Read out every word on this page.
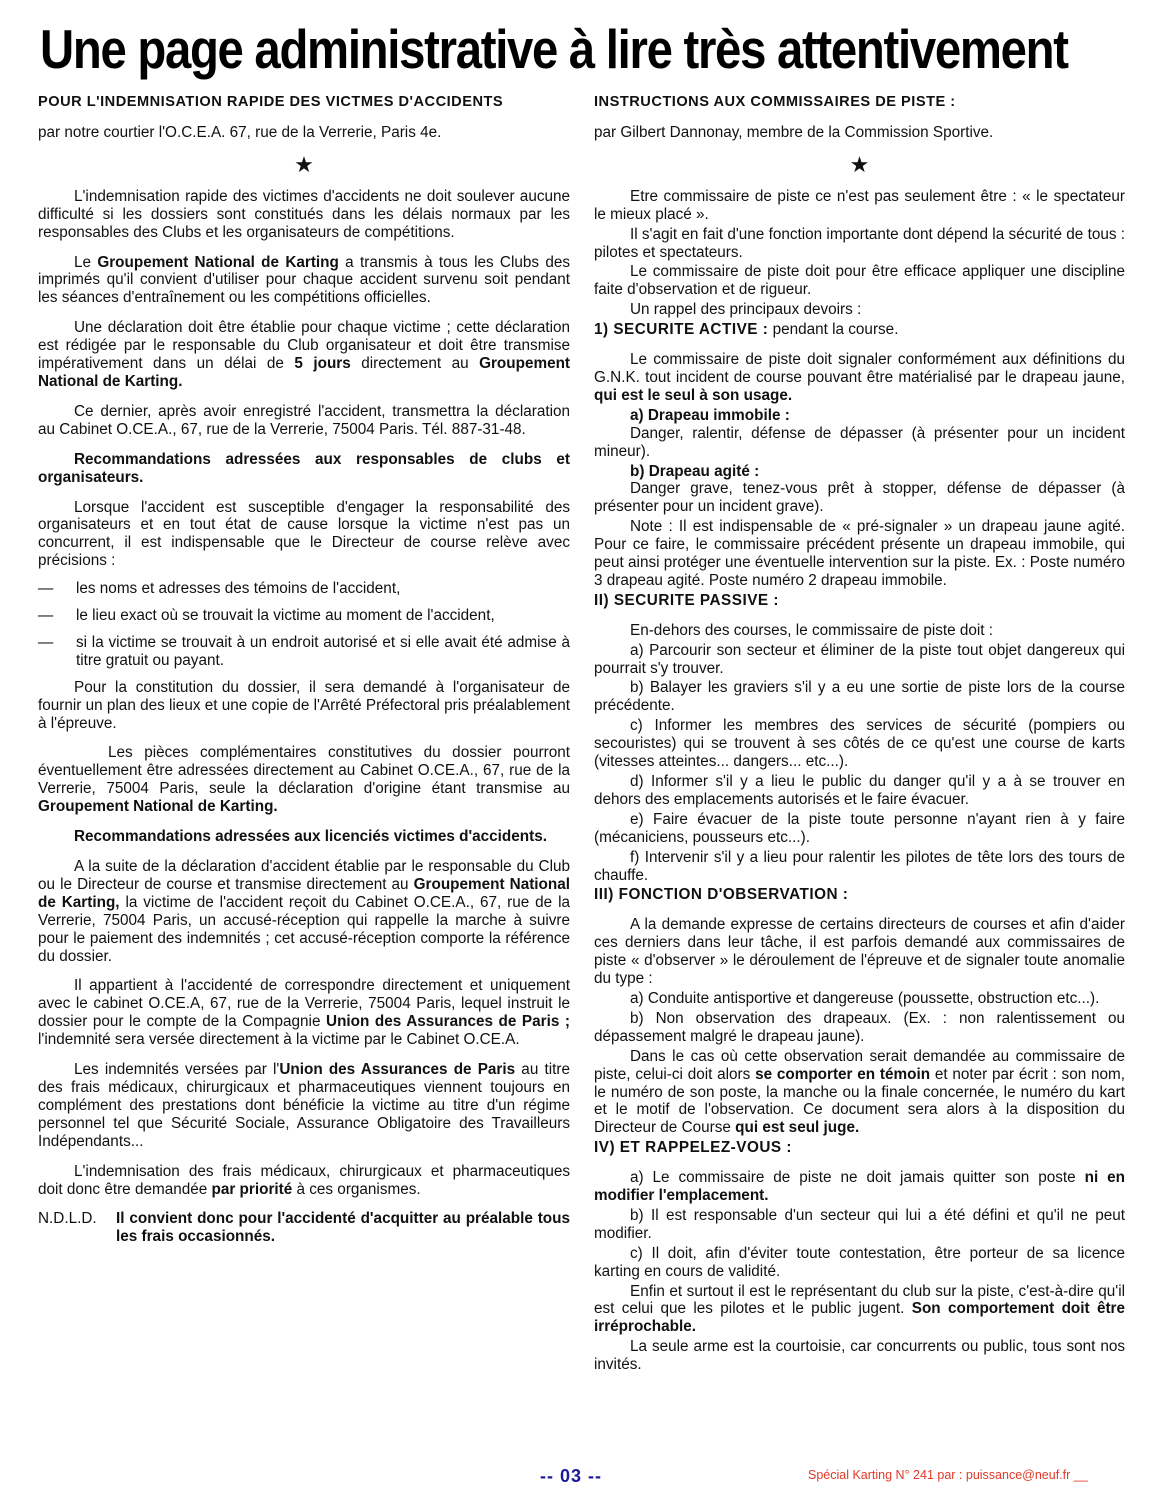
Une page administrative à lire très attentivement

POUR L'INDEMNISATION RAPIDE DES VICTMES D'ACCIDENTS

par notre courtier l'O.C.E.A. 67, rue de la Verrerie, Paris 4e.

★

L'indemnisation rapide des victimes d'accidents ne doit soulever aucune difficulté si les dossiers sont constitués dans les délais normaux par les responsables des Clubs et les organisateurs de compétitions.

Le Groupement National de Karting a transmis à tous les Clubs des imprimés qu'il convient d'utiliser pour chaque accident survenu soit pendant les séances d'entraînement ou les compétitions officielles.

Une déclaration doit être établie pour chaque victime ; cette déclaration est rédigée par le responsable du Club organisateur et doit être transmise impérativement dans un délai de 5 jours directement au Groupement National de Karting.

Ce dernier, après avoir enregistré l'accident, transmettra la déclaration au Cabinet O.CE.A., 67, rue de la Verrerie, 75004 Paris. Tél. 887-31-48.

Recommandations adressées aux responsables de clubs et organisateurs.

Lorsque l'accident est susceptible d'engager la responsabilité des organisateurs et en tout état de cause lorsque la victime n'est pas un concurrent, il est indispensable que le Directeur de course relève avec précisions :

—	les noms et adresses des témoins de l'accident,
—	le lieu exact où se trouvait la victime au moment de l'accident,
—	si la victime se trouvait à un endroit autorisé et si elle avait été admise à titre gratuit ou payant.

Pour la constitution du dossier, il sera demandé à l'organisateur de fournir un plan des lieux et une copie de l'Arrêté Préfectoral pris préalablement à l'épreuve.

Les pièces complémentaires constitutives du dossier pourront éventuellement être adressées directement au Cabinet O.CE.A., 67, rue de la Verrerie, 75004 Paris, seule la déclaration d'origine étant transmise au Groupement National de Karting.

Recommandations adressées aux licenciés victimes d'accidents.

A la suite de la déclaration d'accident établie par le responsable du Club ou le Directeur de course et transmise directement au Groupement National de Karting, la victime de l'accident reçoit du Cabinet O.CE.A., 67, rue de la Verrerie, 75004 Paris, un accusé-réception qui rappelle la marche à suivre pour le paiement des indemnités ; cet accusé-réception comporte la référence du dossier.

Il appartient à l'accidenté de correspondre directement et uniquement avec le cabinet O.CE.A, 67, rue de la Verrerie, 75004 Paris, lequel instruit le dossier pour le compte de la Compagnie Union des Assurances de Paris ; l'indemnité sera versée directement à la victime par le Cabinet O.CE.A.

Les indemnités versées par l'Union des Assurances de Paris au titre des frais médicaux, chirurgicaux et pharmaceutiques viennent toujours en complément des prestations dont bénéficie la victime au titre d'un régime personnel tel que Sécurité Sociale, Assurance Obligatoire des Travailleurs Indépendants...

L'indemnisation des frais médicaux, chirurgicaux et pharmaceutiques doit donc être demandée par priorité à ces organismes.

N.D.L.D.	Il convient donc pour l'accidenté d'acquitter au préalable tous les frais occasionnés.

INSTRUCTIONS AUX COMMISSAIRES DE PISTE :

par Gilbert Dannonay, membre de la Commission Sportive.

★

Etre commissaire de piste ce n'est pas seulement être : « le spectateur le mieux placé ».

Il s'agit en fait d'une fonction importante dont dépend la sécurité de tous : pilotes et spectateurs.

Le commissaire de piste doit pour être efficace appliquer une discipline faite d'observation et de rigueur.

Un rappel des principaux devoirs :

1) SECURITE ACTIVE : pendant la course.

Le commissaire de piste doit signaler conformément aux définitions du G.N.K. tout incident de course pouvant être matérialisé par le drapeau jaune, qui est le seul à son usage.

a) Drapeau immobile :

Danger, ralentir, défense de dépasser (à présenter pour un incident mineur).

b) Drapeau agité :

Danger grave, tenez-vous prêt à stopper, défense de dépasser (à présenter pour un incident grave).

Note : Il est indispensable de « pré-signaler » un drapeau jaune agité. Pour ce faire, le commissaire précédent présente un drapeau immobile, qui peut ainsi protéger une éventuelle intervention sur la piste. Ex. : Poste numéro 3 drapeau agité. Poste numéro 2 drapeau immobile.

II) SECURITE PASSIVE :

En-dehors des courses, le commissaire de piste doit :

a) Parcourir son secteur et éliminer de la piste tout objet dangereux qui pourrait s'y trouver.

b) Balayer les graviers s'il y a eu une sortie de piste lors de la course précédente.

c) Informer les membres des services de sécurité (pompiers ou secouristes) qui se trouvent à ses côtés de ce qu'est une course de karts (vitesses atteintes... dangers... etc...).

d) Informer s'il y a lieu le public du danger qu'il y a à se trouver en dehors des emplacements autorisés et le faire évacuer.

e) Faire évacuer de la piste toute personne n'ayant rien à y faire (mécaniciens, pousseurs etc...).

f) Intervenir s'il y a lieu pour ralentir les pilotes de tête lors des tours de chauffe.

III) FONCTION D'OBSERVATION :

A la demande expresse de certains directeurs de courses et afin d'aider ces derniers dans leur tâche, il est parfois demandé aux commissaires de piste « d'observer » le déroulement de l'épreuve et de signaler toute anomalie du type :

a) Conduite antisportive et dangereuse (poussette, obstruction etc...).

b) Non observation des drapeaux. (Ex. : non ralentissement ou dépassement malgré le drapeau jaune).

Dans le cas où cette observation serait demandée au commissaire de piste, celui-ci doit alors se comporter en témoin et noter par écrit : son nom, le numéro de son poste, la manche ou la finale concernée, le numéro du kart et le motif de l'observation. Ce document sera alors à la disposition du Directeur de Course qui est seul juge.

IV) ET RAPPELEZ-VOUS :

a) Le commissaire de piste ne doit jamais quitter son poste ni en modifier l'emplacement.

b) Il est responsable d'un secteur qui lui a été défini et qu'il ne peut modifier.

c) Il doit, afin d'éviter toute contestation, être porteur de sa licence karting en cours de validité.

Enfin et surtout il est le représentant du club sur la piste, c'est-à-dire qu'il est celui que les pilotes et le public jugent. Son comportement doit être irréprochable.

La seule arme est la courtoisie, car concurrents ou public, tous sont nos invités.

-- 03 --	Spécial Karting N° 241 par : puissance@neuf.fr __
